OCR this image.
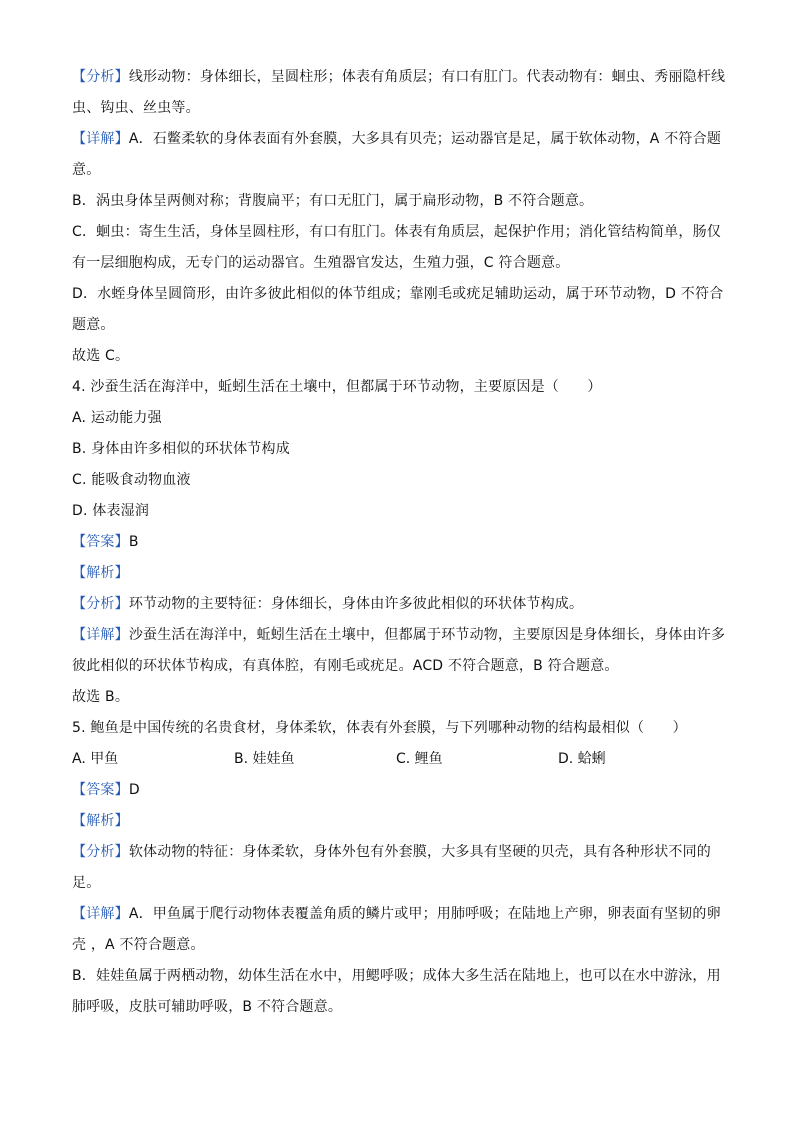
【分析】线形动物：身体细长，呈圆柱形；体表有角质层；有口有肛门。代表动物有：蛔虫、秀丽隐杆线
虫、钩虫、丝虫等。
【详解】A．石鳖柔软的身体表面有外套膜，大多具有贝壳；运动器官是足，属于软体动物，A 不符合题
意。
B．涡虫身体呈两侧对称；背腹扁平；有口无肛门，属于扁形动物，B 不符合题意。
C．蛔虫：寄生生活，身体呈圆柱形，有口有肛门。体表有角质层，起保护作用；消化管结构简单，肠仅
有一层细胞构成，无专门的运动器官。生殖器官发达，生殖力强，C 符合题意。
D．水蛭身体呈圆筒形，由许多彼此相似的体节组成；靠刚毛或疣足辅助运动，属于环节动物，D 不符合
题意。
故选 C。
4. 沙蚕生活在海洋中，蚯蚓生活在土壤中，但都属于环节动物，主要原因是（　　）
A. 运动能力强
B. 身体由许多相似的环状体节构成
C. 能吸食动物血液
D. 体表湿润
【答案】B
【解析】
【分析】环节动物的主要特征：身体细长，身体由许多彼此相似的环状体节构成。
【详解】沙蚕生活在海洋中，蚯蚓生活在土壤中，但都属于环节动物，主要原因是身体细长，身体由许多
彼此相似的环状体节构成，有真体腔，有刚毛或疣足。ACD 不符合题意，B 符合题意。
故选 B。
5. 鲍鱼是中国传统的名贵食材，身体柔软，体表有外套膜，与下列哪种动物的结构最相似（　　）
A. 甲鱼	B. 娃娃鱼	C. 鲤鱼	D. 蛤蜊
【答案】D
【解析】
【分析】软体动物的特征：身体柔软，身体外包有外套膜，大多具有坚硬的贝壳，具有各种形状不同的
足。
【详解】A．甲鱼属于爬行动物体表覆盖角质的鳞片或甲；用肺呼吸；在陆地上产卵，卵表面有坚韧的卵
壳 ，A 不符合题意。
B．娃娃鱼属于两栖动物，幼体生活在水中，用鳃呼吸；成体大多生活在陆地上，也可以在水中游泳，用
肺呼吸，皮肤可辅助呼吸，B 不符合题意。
